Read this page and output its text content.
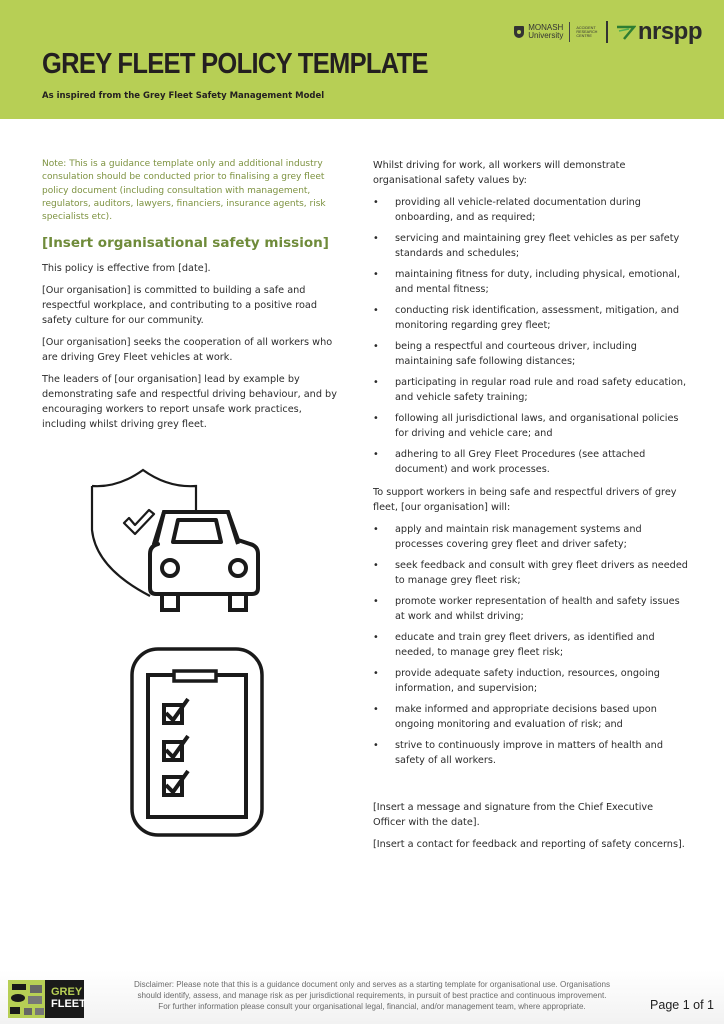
GREY FLEET POLICY TEMPLATE
As inspired from the Grey Fleet Safety Management Model
MONASH
University
ACCIDENT
RESEARCH
CENTRE	nrspp

Note: This is a guidance template only and additional industry consulation should be conducted prior to finalising a grey fleet policy document (including consultation with management, regulators, auditors, lawyers, financiers, insurance agents, risk specialists etc).

[Insert organisational safety mission]

This policy is effective from [date].

[Our organisation] is committed to building a safe and respectful workplace, and contributing to a positive road safety culture for our community.

[Our organisation] seeks the cooperation of all workers who are driving Grey Fleet vehicles at work.

The leaders of [our organisation] lead by example by demonstrating safe and respectful driving behaviour, and by encouraging workers to report unsafe work practices, including whilst driving grey fleet.

Whilst driving for work, all workers will demonstrate organisational safety values by:

• providing all vehicle-related documentation during onboarding, and as required;
• servicing and maintaining grey fleet vehicles as per safety standards and schedules;
• maintaining fitness for duty, including physical, emotional, and mental fitness;
• conducting risk identification, assessment, mitigation, and monitoring regarding grey fleet;
• being a respectful and courteous driver, including maintaining safe following distances;
• participating in regular road rule and road safety education, and vehicle safety training;
• following all jurisdictional laws, and organisational policies for driving and vehicle care; and
• adhering to all Grey Fleet Procedures (see attached document) and work processes.

To support workers in being safe and respectful drivers of grey fleet, [our organisation] will:

• apply and maintain risk management systems and processes covering grey fleet and driver safety;
• seek feedback and consult with grey fleet drivers as needed to manage grey fleet risk;
• promote worker representation of health and safety issues at work and whilst driving;
• educate and train grey fleet drivers, as identified and needed, to manage grey fleet risk;
• provide adequate safety induction, resources, ongoing information, and supervision;
• make informed and appropriate decisions based upon ongoing monitoring and evaluation of risk; and
• strive to continuously improve in matters of health and safety of all workers.

[Insert a message and signature from the Chief Executive Officer with the date].

[Insert a contact for feedback and reporting of safety concerns].

GREY
FLEET
Disclaimer: Please note that this is a guidance document only and serves as a starting template for organisational use. Organisations
should identify, assess, and manage risk as per jurisdictional requirements, in pursuit of best practice and continuous improvement.
For further information please consult your organisational legal, financial, and/or management team, where appropriate.	Page 1 of 1
